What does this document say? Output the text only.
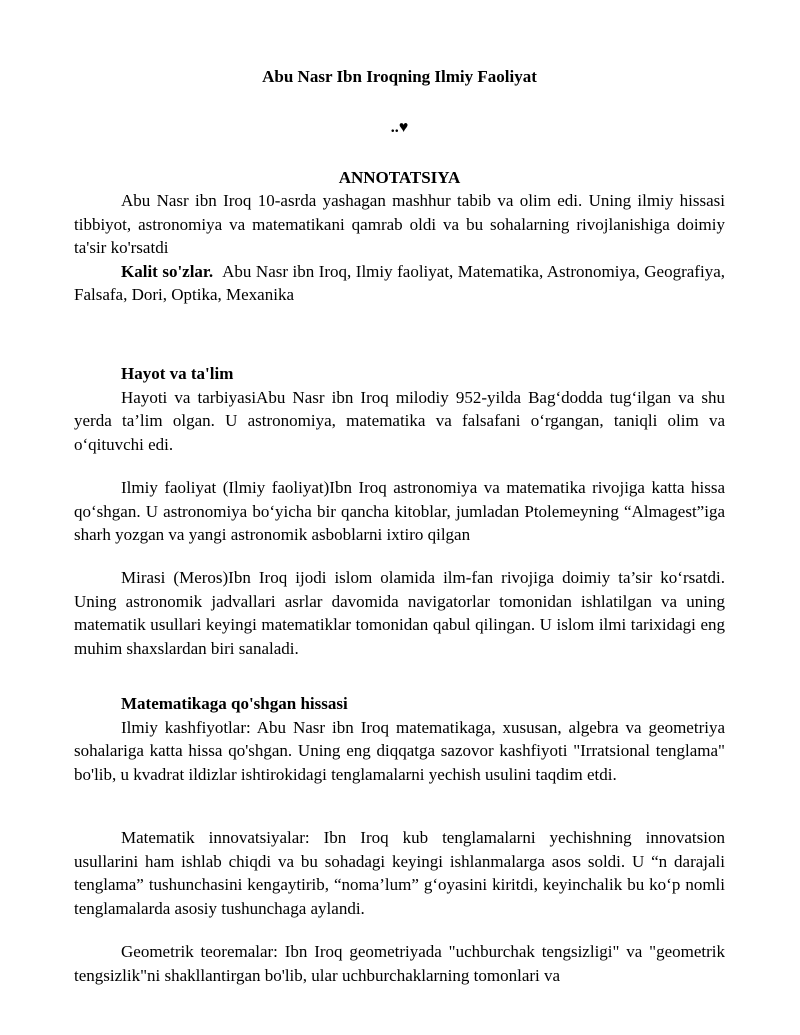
Abu Nasr Ibn Iroqning Ilmiy Faoliyat
..♥
ANNOTATSIYA

Abu Nasr ibn Iroq 10-asrda yashagan mashhur tabib va olim edi. Uning ilmiy hissasi tibbiyot, astronomiya va matematikani qamrab oldi va bu sohalarning rivojlanishiga doimiy ta'sir ko'rsatdi

Kalit so'zlar. Abu Nasr ibn Iroq, Ilmiy faoliyat, Matematika, Astronomiya, Geografiya, Falsafa, Dori, Optika, Mexanika

Hayot va ta'lim

Hayoti va tarbiyasiAbu Nasr ibn Iroq milodiy 952-yilda Bag‘dodda tug‘ilgan va shu yerda ta’lim olgan. U astronomiya, matematika va falsafani o‘rgangan, taniqli olim va o‘qituvchi edi.

Ilmiy faoliyat (Ilmiy faoliyat)Ibn Iroq astronomiya va matematika rivojiga katta hissa qo‘shgan. U astronomiya bo‘yicha bir qancha kitoblar, jumladan Ptolemeyning “Almagest”iga sharh yozgan va yangi astronomik asboblarni ixtiro qilgan

Mirasi (Meros)Ibn Iroq ijodi islom olamida ilm-fan rivojiga doimiy ta’sir ko‘rsatdi. Uning astronomik jadvallari asrlar davomida navigatorlar tomonidan ishlatilgan va uning matematik usullari keyingi matematiklar tomonidan qabul qilingan. U islom ilmi tarixidagi eng muhim shaxslardan biri sanaladi.

Matematikaga qo'shgan hissasi

Ilmiy kashfiyotlar: Abu Nasr ibn Iroq matematikaga, xususan, algebra va geometriya sohalariga katta hissa qo'shgan. Uning eng diqqatga sazovor kashfiyoti "Irratsional tenglama" bo'lib, u kvadrat ildizlar ishtirokidagi tenglamalarni yechish usulini taqdim etdi.

Matematik innovatsiyalar: Ibn Iroq kub tenglamalarni yechishning innovatsion usullarini ham ishlab chiqdi va bu sohadagi keyingi ishlanmalarga asos soldi. U “n darajali tenglama” tushunchasini kengaytirib, “noma’lum” g‘oyasini kiritdi, keyinchalik bu ko‘p nomli tenglamalarda asosiy tushunchaga aylandi.

Geometrik teoremalar: Ibn Iroq geometriyada "uchburchak tengsizligi" va "geometrik tengsizlik"ni shakllantirgan bo'lib, ular uchburchaklarning tomonlari va
